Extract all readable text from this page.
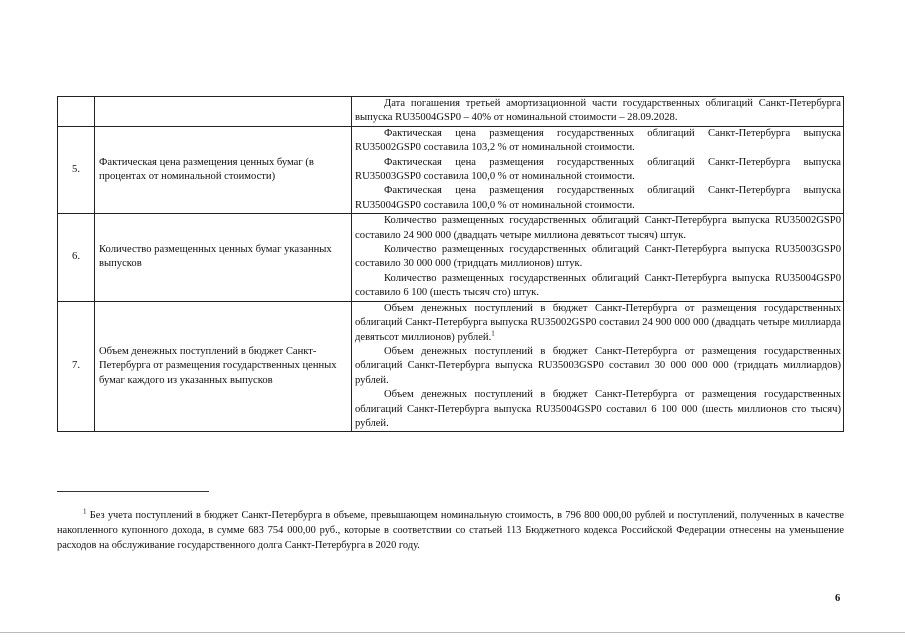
		Дата погашения третьей амортизационной части государственных облигаций Санкт-Петербурга выпуска RU35004GSP0 – 40% от номинальной стоимости – 28.09.2028.

5.	Фактическая цена размещения ценных бумаг (в процентах от номинальной стоимости)	Фактическая цена размещения государственных облигаций Санкт-Петербурга выпуска RU35002GSP0 составила 103,2 % от номинальной стоимости.

Фактическая цена размещения государственных облигаций Санкт-Петербурга выпуска RU35003GSP0 составила 100,0 % от номинальной стоимости.

Фактическая цена размещения государственных облигаций Санкт-Петербурга выпуска RU35004GSP0 составила 100,0 % от номинальной стоимости.

6.	Количество размещенных ценных бумаг указанных выпусков	Количество размещенных государственных облигаций Санкт-Петербурга выпуска RU35002GSP0 составило 24 900 000 (двадцать четыре миллиона девятьсот тысяч) штук.

Количество размещенных государственных облигаций Санкт-Петербурга выпуска RU35003GSP0 составило 30 000 000 (тридцать миллионов) штук.

Количество размещенных государственных облигаций Санкт-Петербурга выпуска RU35004GSP0 составило 6 100 (шесть тысяч сто) штук.

7.	Объем денежных поступлений в бюджет Санкт-Петербурга от размещения государственных ценных бумаг каждого из указанных выпусков	Объем денежных поступлений в бюджет Санкт-Петербурга от размещения государственных облигаций Санкт-Петербурга выпуска RU35002GSP0 составил 24 900 000 000 (двадцать четыре миллиарда девятьсот миллионов) рублей.$^1$

Объем денежных поступлений в бюджет Санкт-Петербурга от размещения государственных облигаций Санкт-Петербурга выпуска RU35003GSP0 составил 30 000 000 000 (тридцать миллиардов) рублей.

Объем денежных поступлений в бюджет Санкт-Петербурга от размещения государственных облигаций Санкт-Петербурга выпуска RU35004GSP0 составил 6 100 000 (шесть миллионов сто тысяч) рублей.

$^1$ Без учета поступлений в бюджет Санкт-Петербурга в объеме, превышающем номинальную стоимость, в 796 800 000,00 рублей и поступлений, полученных в качестве накопленного купонного дохода, в сумме 683 754 000,00 руб., которые в соответствии со статьей 113 Бюджетного кодекса Российской Федерации отнесены на уменьшение расходов на обслуживание государственного долга Санкт-Петербурга в 2020 году.
6
